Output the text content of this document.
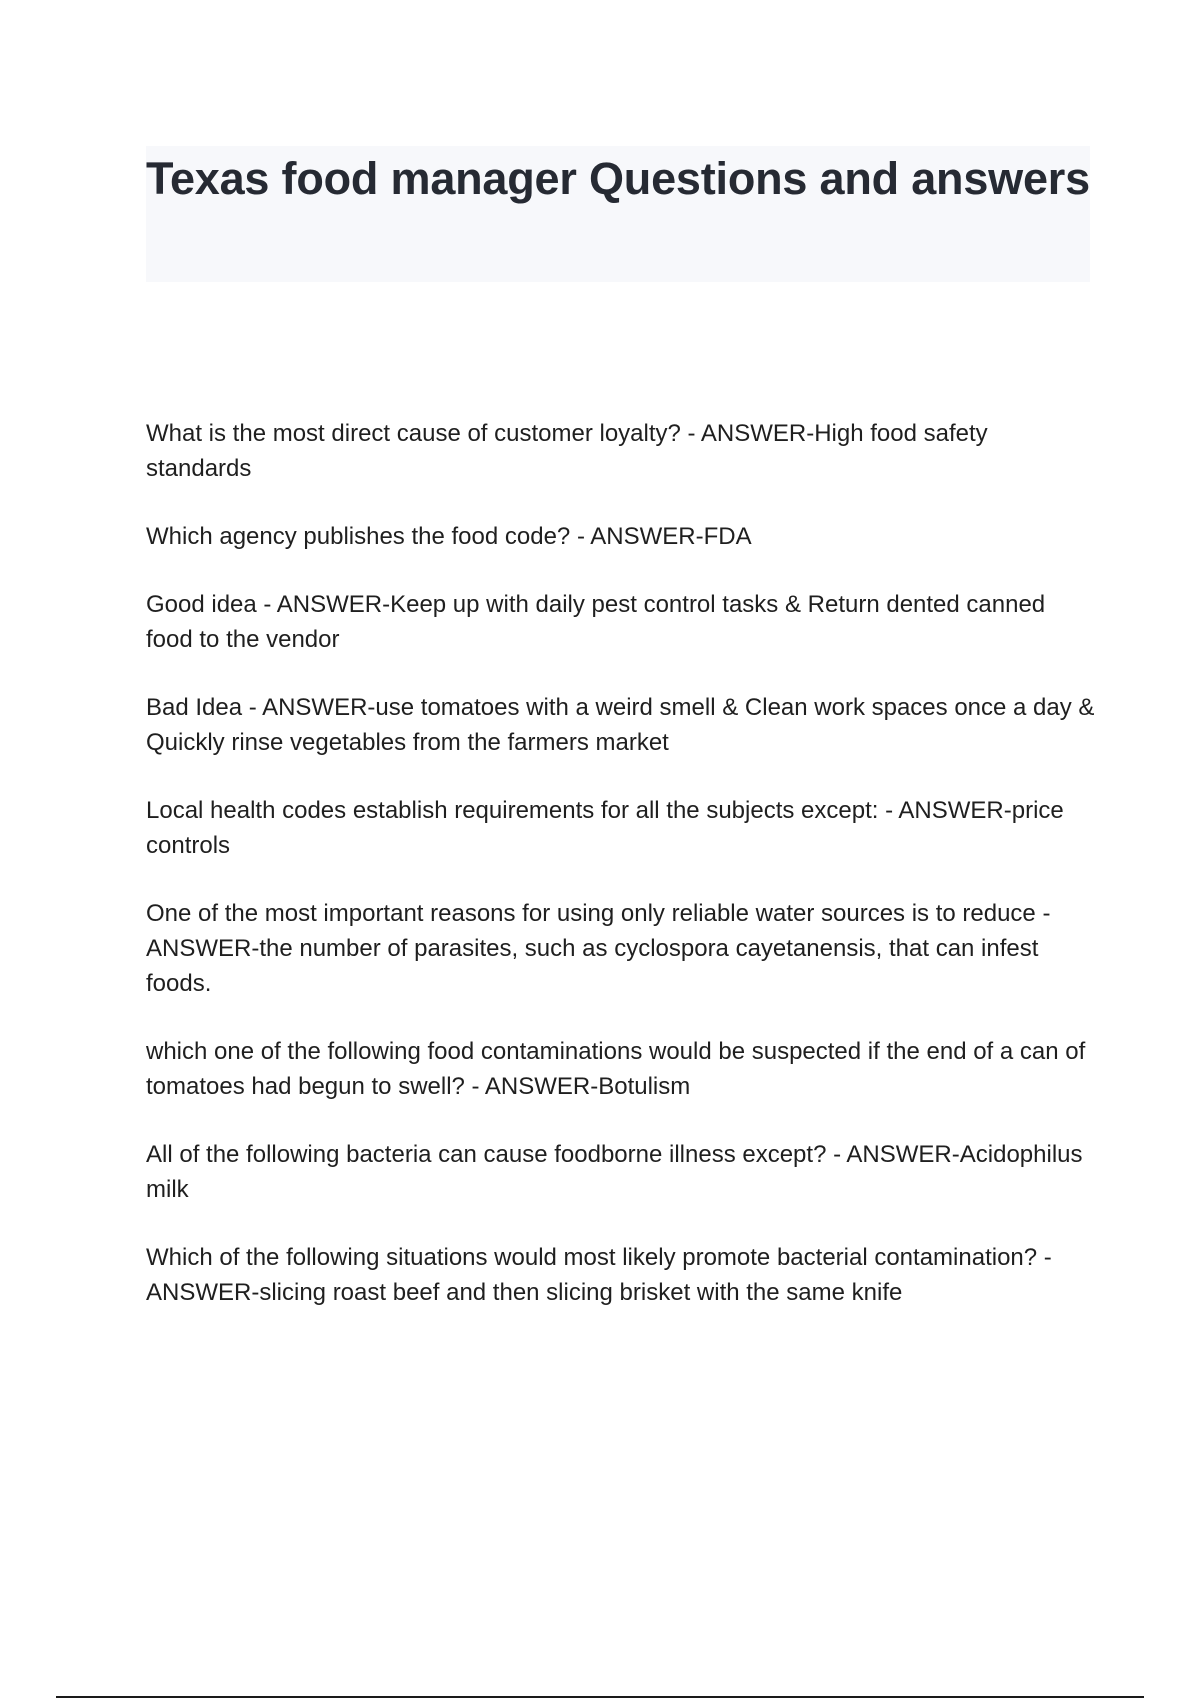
Texas food manager Questions and answers

What is the most direct cause of customer loyalty? - ANSWER-High food safety standards

Which agency publishes the food code? - ANSWER-FDA

Good idea - ANSWER-Keep up with daily pest control tasks & Return dented canned food to the vendor

Bad Idea - ANSWER-use tomatoes with a weird smell & Clean work spaces once a day & Quickly rinse vegetables from the farmers market

Local health codes establish requirements for all the subjects except: - ANSWER-price controls

One of the most important reasons for using only reliable water sources is to reduce - ANSWER-the number of parasites, such as cyclospora cayetanensis, that can infest foods.

which one of the following food contaminations would be suspected if the end of a can of tomatoes had begun to swell? - ANSWER-Botulism

All of the following bacteria can cause foodborne illness except? - ANSWER-Acidophilus milk

Which of the following situations would most likely promote bacterial contamination? - ANSWER-slicing roast beef and then slicing brisket with the same knife
